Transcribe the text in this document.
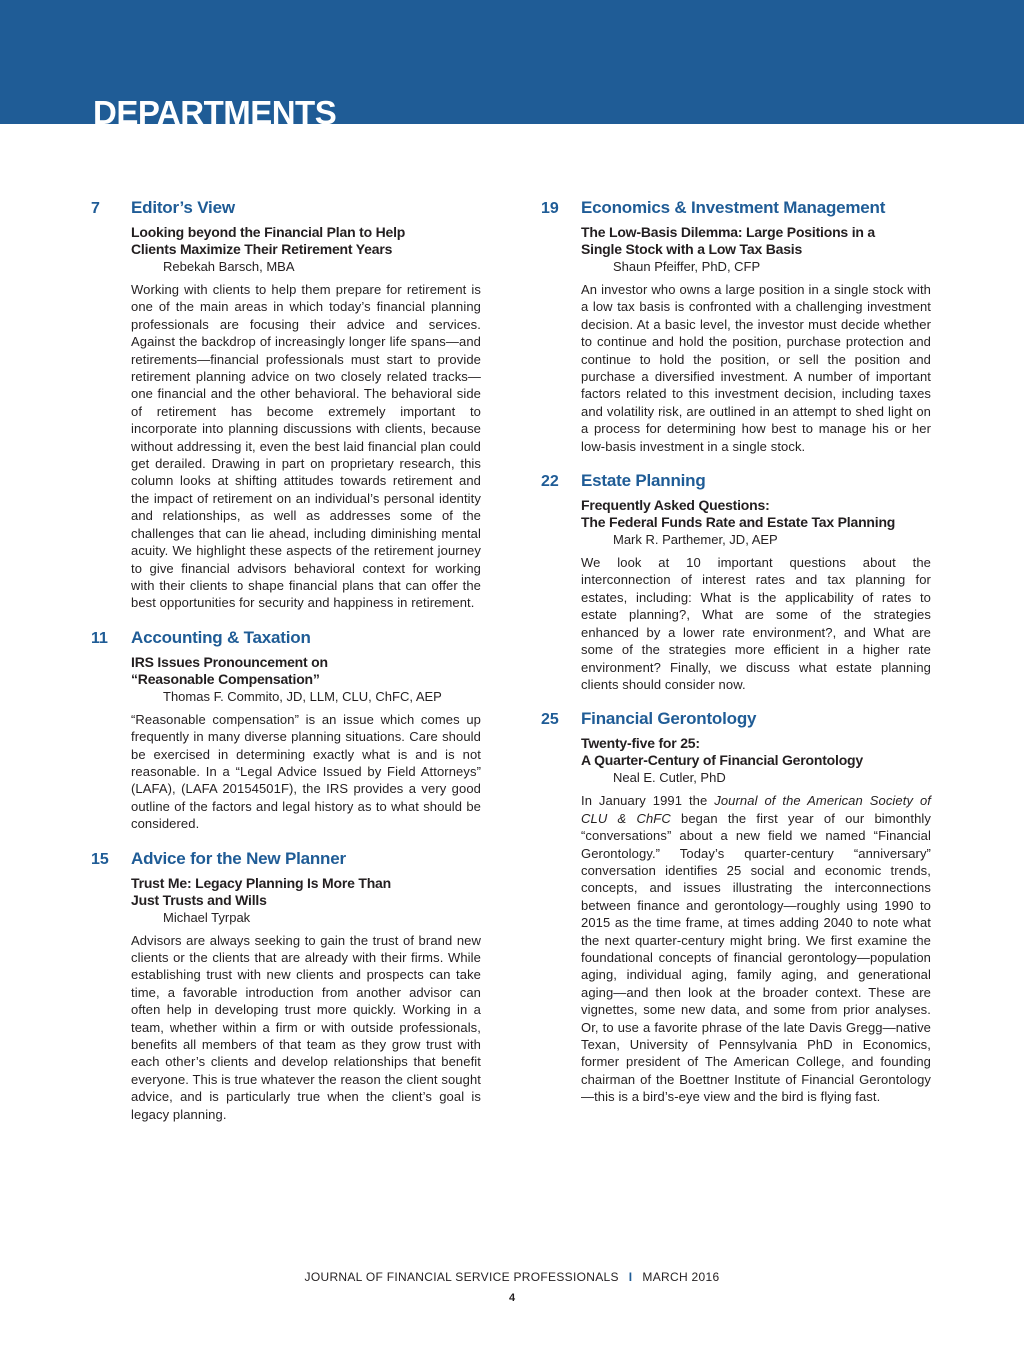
DEPARTMENTS
7	Editor’s View
Looking beyond the Financial Plan to Help
Clients Maximize Their Retirement Years
Rebekah Barsch, MBA
Working with clients to help them prepare for retirement is one of the main areas in which today’s financial planning professionals are focusing their advice and services. Against the backdrop of increasingly longer life spans—and retirements—financial professionals must start to provide retirement planning advice on two closely related tracks—one financial and the other behavioral. The behavioral side of retirement has become extremely important to incorporate into planning discussions with clients, because without addressing it, even the best laid financial plan could get derailed. Drawing in part on proprietary research, this column looks at shifting attitudes towards retirement and the impact of retirement on an individual’s personal identity and relationships, as well as addresses some of the challenges that can lie ahead, including diminishing mental acuity. We highlight these aspects of the retirement journey to give financial advisors behavioral context for working with their clients to shape financial plans that can offer the best opportunities for security and happiness in retirement.
11	Accounting & Taxation
IRS Issues Pronouncement on
“Reasonable Compensation”
Thomas F. Commito, JD, LLM, CLU, ChFC, AEP
“Reasonable compensation” is an issue which comes up frequently in many diverse planning situations. Care should be exercised in determining exactly what is and is not reasonable. In a “Legal Advice Issued by Field Attorneys” (LAFA), (LAFA 20154501F), the IRS provides a very good outline of the factors and legal history as to what should be considered.
15	Advice for the New Planner
Trust Me: Legacy Planning Is More Than
Just Trusts and Wills
Michael Tyrpak
Advisors are always seeking to gain the trust of brand new clients or the clients that are already with their firms. While establishing trust with new clients and prospects can take time, a favorable introduction from another advisor can often help in developing trust more quickly. Working in a team, whether within a firm or with outside professionals, benefits all members of that team as they grow trust with each other’s clients and develop relationships that benefit everyone. This is true whatever the reason the client sought advice, and is particularly true when the client’s goal is legacy planning.
19	Economics & Investment Management
The Low-Basis Dilemma: Large Positions in a
Single Stock with a Low Tax Basis
Shaun Pfeiffer, PhD, CFP
An investor who owns a large position in a single stock with a low tax basis is confronted with a challenging investment decision. At a basic level, the investor must decide whether to continue and hold the position, purchase protection and continue to hold the position, or sell the position and purchase a diversified investment. A number of important factors related to this investment decision, including taxes and volatility risk, are outlined in an attempt to shed light on a process for determining how best to manage his or her low-basis investment in a single stock.
22	Estate Planning
Frequently Asked Questions:
The Federal Funds Rate and Estate Tax Planning
Mark R. Parthemer, JD, AEP
We look at 10 important questions about the interconnection of interest rates and tax planning for estates, including: What is the applicability of rates to estate planning?, What are some of the strategies enhanced by a lower rate environment?, and What are some of the strategies more efficient in a higher rate environment? Finally, we discuss what estate planning clients should consider now.
25	Financial Gerontology
Twenty-five for 25:
A Quarter-Century of Financial Gerontology
Neal E. Cutler, PhD
In January 1991 the Journal of the American Society of CLU & ChFC began the first year of our bimonthly “conversations” about a new field we named “Financial Gerontology.” Today’s quarter-century “anniversary” conversation identifies 25 social and economic trends, concepts, and issues illustrating the interconnections between finance and gerontology—roughly using 1990 to 2015 as the time frame, at times adding 2040 to note what the next quarter-century might bring. We first examine the foundational concepts of financial gerontology—population aging, individual aging, family aging, and generational aging—and then look at the broader context. These are vignettes, some new data, and some from prior analyses. Or, to use a favorite phrase of the late Davis Gregg—native Texan, University of Pennsylvania PhD in Economics, former president of The American College, and founding chairman of the Boettner Institute of Financial Gerontology—this is a bird’s-eye view and the bird is flying fast.
JOURNAL OF FINANCIAL SERVICE PROFESSIONALS I MARCH 2016
4
